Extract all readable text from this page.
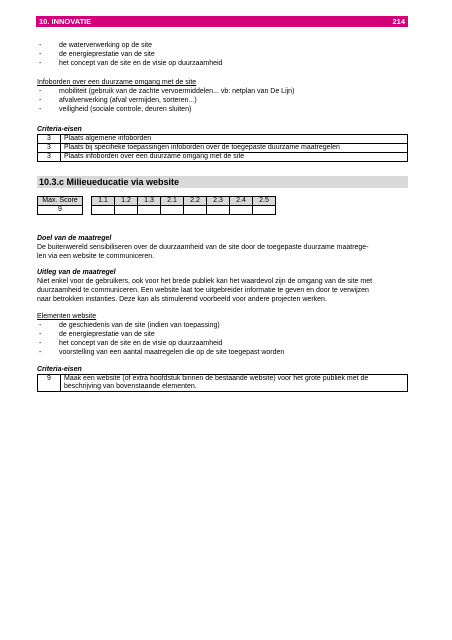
10. INNOVATIE	214
-	de waterverwerking op de site
-	de energieprestatie van de site
-	het concept van de site en de visie op duurzaamheid
Infoborden over een duurzame omgang met de site
-	mobiliteit (gebruik van de zachte vervoermiddelen... vb: netplan van De Lijn)
-	afvalverwerking (afval vermijden, sorteren...)
-	veiligheid (sociale controle, deuren sluiten)
Criteria-eisen
3	Plaats algemene infoborden
3	Plaats bij specifieke toepassingen infoborden over de toegepaste duurzame maatregelen
3	Plaats infoborden over een duurzame omgang met de site
10.3.c Milieueducatie via website
Max. Score		1.1	1.2	1.3	2.1	2.2	2.3	2.4	2.5
9									
Doel van de maatregel

De buitenwereld sensibiliseren over de duurzaamheid van de site door de toegepaste duurzame maatrege-

len via een website te communiceren.

Uitleg van de maatregel

Niet enkel voor de gebruikers, ook voor het brede publiek kan het waardevol zijn de omgang van de site met

duurzaamheid te communiceren. Een website laat toe uitgebreider informatie te geven en door te verwijzen

naar betrokken instanties. Deze kan als stimulerend voorbeeld voor andere projecten werken.

Elementen website
-	de geschiedenis van de site (indien van toepassing)
-	de energieprestatie van de site
-	het concept van de site en de visie op duurzaamheid
-	voorstelling van een aantal maatregelen die op de site toegepast worden
Criteria-eisen
9	Maak een website (of extra hoofdstuk binnen de bestaande website) voor het grote publiek met de
beschrijving van bovenstaande elementen.
